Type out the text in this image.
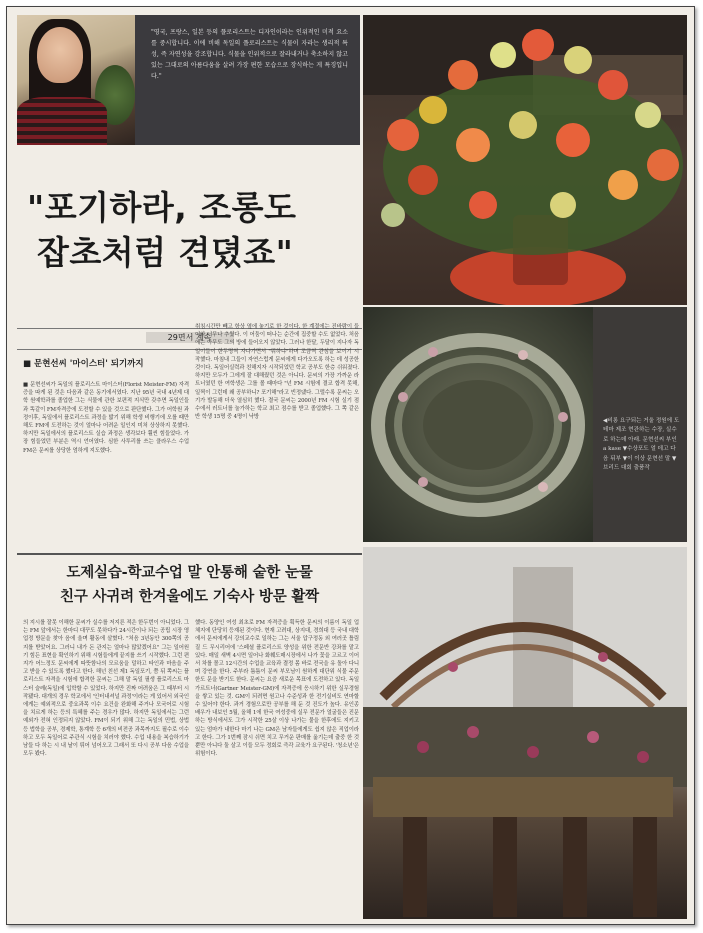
"영국, 프랑스, 일본 등의 플로리스트는 디자인이라는 인위적인 미적 요소를 중시합니다. 이에 비해 독일의 플로리스트는 식물이 자라는 생리적 특성, 즉 자연성을 강조합니다. 식물을 인위적으로 잘라내거나 축소하지 않고 있는 그대로의 아름다움을 살려 가장 편한 모습으로 장식하는 게 특징입니다."

"포기하라, 조롱도
잡초처럼 견뎠죠"
29면서 계속
■ 문현선씨 '마이스터' 되기까지
■ 문현선씨가 독일의 플로리스트 마이스터(Florist Meister-FM) 자격증을 따게 된 것은 다음과 같은 동기에서였다. 지난 95년 국내 4년제 대학 원예학과를 졸업한 그는 식물에 관한 보편적 지식만 갖추면 독일인들과 똑같이 FM자격증에 도전할 수 있을 것으로 판단했다. 그가 어학원 과정이후, 독일에서 플로리스트 과정을 밟기 위해 학생 비행기에 오를 때만해도 FM에 도전하는 것이 얼마나 어려운 일인지 미처 상상하지 못했다. 하지만 독일에서의 플로리스트 실습 과정은 생각보다 훨씬 힘들었다. 가장 힘들었던 부분은 역시 언어였다. 심한 사투리를 쓰는 클라우스 수업 FM은 문씨를 상당한 엄하게 지도했다.
취침시간만 빼고 항상 옆에 놓기로 한 것이다. 한 계절에는 진바람이 들어와 너무나 추웠다. 이 어둠이 떠나는 순간에 집중할 수도 없었다. 처음에는 아무도 그의 방에 들어오지 않았다. 그러나 한달, 두달이 지나자 독일이들이 한두명씩 자나가면서 "뭐하냐"하며 조금씩 관심을 보이기 시작했다. 마침내 그들이 자연스럽게 문씨에게 다가오도록 하는 데 성공한 것이다. 독일어실력과 친해지자 시작되었던 학교 공부도 한층 쉬워졌다. 하지만 모두가 그에게 잘 대해줬던 것은 아니다. 문씨의 가장 가까운 라트너였던 한 여학생은 그를 볼 때마다 "넌 FM 시험에 결코 합격 못해, 일찍이 그런데 왜 공부하니? 포기해"라고 빈정댔다. 그럴수록 문씨는 오기가 발동해 더욱 열심히 했다. 결국 문씨는 2000년 FM 시험 실기 점수에서 러트너를 눌가하는 학교 최고 점수를 받고 졸업했다. 그 쪽 같은 반 학생 15명 중 4명이 낙방

◀비롱 요구되는 거울 정원에 도 테마 제조 현관하는 수장, 실수로 하는데 아래. 문현선씨 부인 a kase ▼수상포도 얼 데고 다음 뒤부 ▼이 이상 문현선 말 ▼브리드 대회 출품작

도제실습-학교수업 말 안통해 숱한 눈물
친구 사귀려 한겨울에도 기숙사 방문 활짝
의 지시를 잘못 이해한 문씨가 실수를 저지른 적은 한두번이 아니었다. 그는 FM 앞에서는 한마디 대꾸도 못하다가 24시간이나 되는 공립 시장 영업정 방문을 찾아 음에 울며 활동에 살혔다. "처음 3년동안 300쪽의 공지를 받았어요. 그러니 내가 돈 관지는 얼마나 많았겠어요" 그는 일어원기 힘든 표현을 확인하기 위해 시험들에게 끝지를 쓰기 시작했다. 그런 편지가 어느정도 문씨에게 따뜻함나의 모르움을 덜하고 타인과 마음을 주고 받을 수 있도록 했다고 한다. 해넌 친선 제1 독일포기, 쯤 뒤 쪽씨는 플로리스트 자격을 시험에 합격한 문씨는 그해 말 독일 필생 플로리스트 마스터 슬레(독일)에 입학할 수 있었다. 하지만 진짜 어려움은 그 때부터 시작됐다. 대개의 경우 학교에서 '인터내셔널 과정'이라는 게 있어서 외국인에게는 예외적으로 중요과목 이수 요건을 완화해 주거나 모국어로 시험을 치르게 하는 등의 특혜를 주는 경우가 많다. 하지만 독일에서는 그런 예외가 전혀 인정되지 않았다. FM이 되기 위해 그는 독일의 민법, 상법 등 법학을 공부, 경제학, 통계학 등 6개의 비전공 과목까지도 필수로 이수하고 모두 독일어로 주관식 시험을 치러야 했다. 수업 내용을 복습하기가 남들 다 하는 시 내 날이 튀어 넘어오고 그래서 또 다시 공부 다음 수업을 모두 봤다.
했다. 동양인 여성 최초로 FM 자격증을 획득한 문씨의 이름이 독일 업체지에 단당히 등재된 것이다. 현재 고려대, 상지대, 경희대 등 국내 대학에서 문씨에게서 강의교수로 일하는 그는 서울 압구정동 외 여러곳 틀림질 드 무시리어에 '스페셜 플로리스트 양성을 위한 전문반 강좌를 맡고 있다. 매일 새벽 4시면 일어나 화훼도매시장에서 나가 꽃을 고르고 이어서 차를 몰고 12시간의 수업을 교육과 결정 몸 바로 전국을 유 돌아 다니며 강연을 한다. 주부라 틈틈이 문씨 부모님이 원하게 대단위 식물 주문 한도 문을 받기도 한다. 문씨는 요즘 새로운 목표에 도전하고 있다. 독일 가르트너(Gartner Meister-GM)에 자격증에 응시하기 위한 실무경험을 쌓고 있는 것. GM이 되려면 원고나 수준성과 한 전기실비도 연마할 수 있어야 한다. 과거 경험으로만 공부를 해 둔 것 진도가 높다. 유인종 배우가 내보인 5월, 올해 1에 한국 여성중에 실무 전문가 얼굴들은 진문하는 방식에서도 그가 시작한 25살 이상 나가는 물을 한후에도 지키고 있는 엄마가 내한다 마기 나는 GM은 남자들에게도 쉽지 않은 직업이라고 한다. 그가 1번째 잠시 쉬면 치고 무거운 판매를 옮기는데 출중 한 것 뿐만 아니다 둘 살고 이들 모두 정회로 즉각 교육가 요구된다. '청소년'은 위험이다.
